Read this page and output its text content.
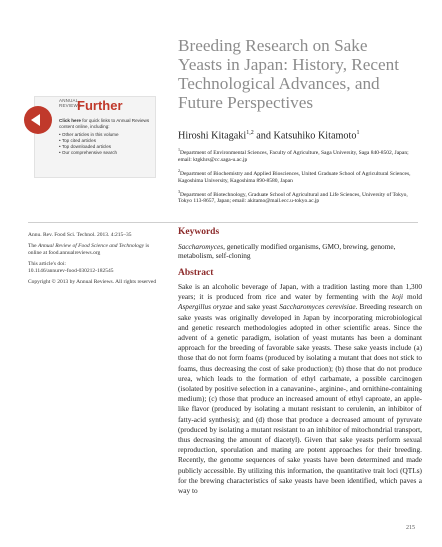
Breeding Research on Sake
Yeasts in Japan: History, Recent
Technological Advances, and
Future Perspectives
Hiroshi Kitagaki$^{1,2}$ and Katsuhiko Kitamoto$^1$

$^1$Department of Environmental Sciences, Faculty of Agriculture, Saga University, Saga 840-8502, Japan; email: ktgkhrs@cc.saga-u.ac.jp

$^2$Department of Biochemistry and Applied Biosciences, United Graduate School of Agricultural Sciences, Kagoshima University, Kagoshima 890-8580, Japan

$^3$Department of Biotechnology, Graduate School of Agricultural and Life Sciences, University of Tokyo, Tokyo 113-8657, Japan; email: akitamo@mail.ecc.u-tokyo.ac.jp

ANNUAL
REVIEWS
Further
Click here for quick links to Annual Reviews content online, including:
• Other articles in this volume
• Top cited articles
• Top downloaded articles
• Our comprehensive search

Annu. Rev. Food Sci. Technol. 2013. 4:215–35

The Annual Review of Food Science and Technology is online at food.annualreviews.org

This article's doi:
10.1146/annurev-food-030212-182545

Copyright © 2013 by Annual Reviews. All rights reserved

Keywords
Saccharomyces, genetically modified organisms, GMO, brewing, genome, metabolism, self-cloning
Abstract
Sake is an alcoholic beverage of Japan, with a tradition lasting more than 1,300 years; it is produced from rice and water by fermenting with the koji mold Aspergillus oryzae and sake yeast Saccharomyces cerevisiae. Breeding research on sake yeasts was originally developed in Japan by incorporating microbiological and genetic research methodologies adopted in other scientific areas. Since the advent of a genetic paradigm, isolation of yeast mutants has been a dominant approach for the breeding of favorable sake yeasts. These sake yeasts include (a) those that do not form foams (produced by isolating a mutant that does not stick to foams, thus decreasing the cost of sake production); (b) those that do not produce urea, which leads to the formation of ethyl carbamate, a possible carcinogen (isolated by positive selection in a canavanine-, arginine-, and ornithine-containing medium); (c) those that produce an increased amount of ethyl caproate, an apple-like flavor (produced by isolating a mutant resistant to cerulenin, an inhibitor of fatty-acid synthesis); and (d) those that produce a decreased amount of pyruvate (produced by isolating a mutant resistant to an inhibitor of mitochondrial transport, thus decreasing the amount of diacetyl). Given that sake yeasts perform sexual reproduction, sporulation and mating are potent approaches for their breeding. Recently, the genome sequences of sake yeasts have been determined and made publicly accessible. By utilizing this information, the quantitative trait loci (QTLs) for the brewing characteristics of sake yeasts have been identified, which paves a way to
215
